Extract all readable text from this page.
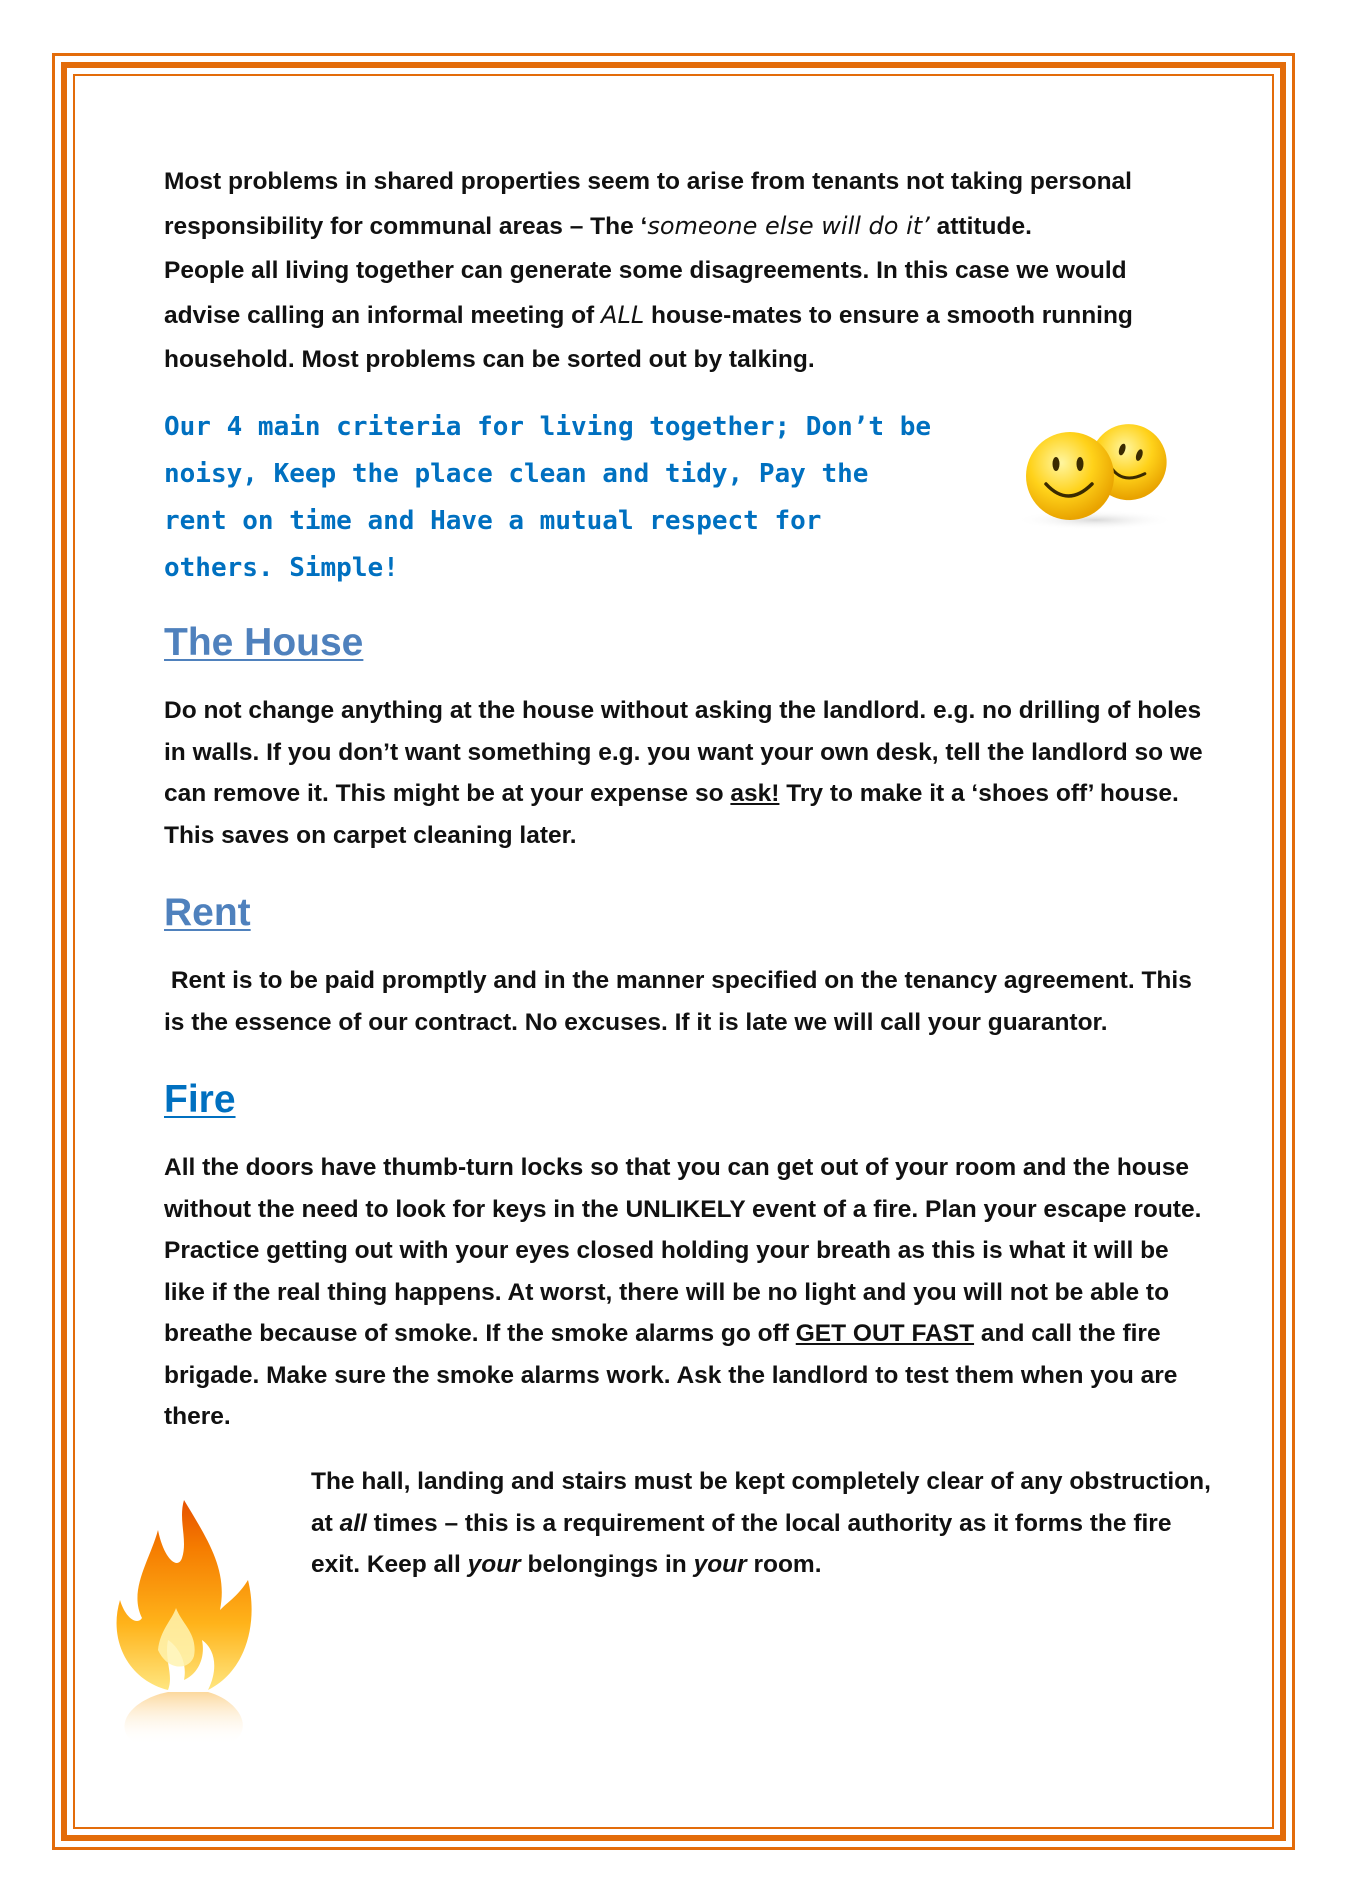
Most problems in shared properties seem to arise from tenants not taking personal responsibility for communal areas – The ‘someone else will do it’ attitude.

People all living together can generate some disagreements. In this case we would advise calling an informal meeting of ALL house-mates to ensure a smooth running household. Most problems can be sorted out by talking.

Our 4 main criteria for living together; Don’t be noisy, Keep the place clean and tidy, Pay the rent on time and Have a mutual respect for others. Simple!

The House

Do not change anything at the house without asking the landlord. e.g. no drilling of holes in walls. If you don’t want something e.g. you want your own desk, tell the landlord so we can remove it. This might be at your expense so ask! Try to make it a ‘shoes off’ house. This saves on carpet cleaning later.

Rent

Rent is to be paid promptly and in the manner specified on the tenancy agreement. This is the essence of our contract. No excuses. If it is late we will call your guarantor.

Fire

All the doors have thumb-turn locks so that you can get out of your room and the house without the need to look for keys in the UNLIKELY event of a fire. Plan your escape route. Practice getting out with your eyes closed holding your breath as this is what it will be like if the real thing happens. At worst, there will be no light and you will not be able to breathe because of smoke. If the smoke alarms go off GET OUT FAST and call the fire brigade. Make sure the smoke alarms work. Ask the landlord to test them when you are there.

The hall, landing and stairs must be kept completely clear of any obstruction, at all times – this is a requirement of the local authority as it forms the fire exit. Keep all your belongings in your room.
